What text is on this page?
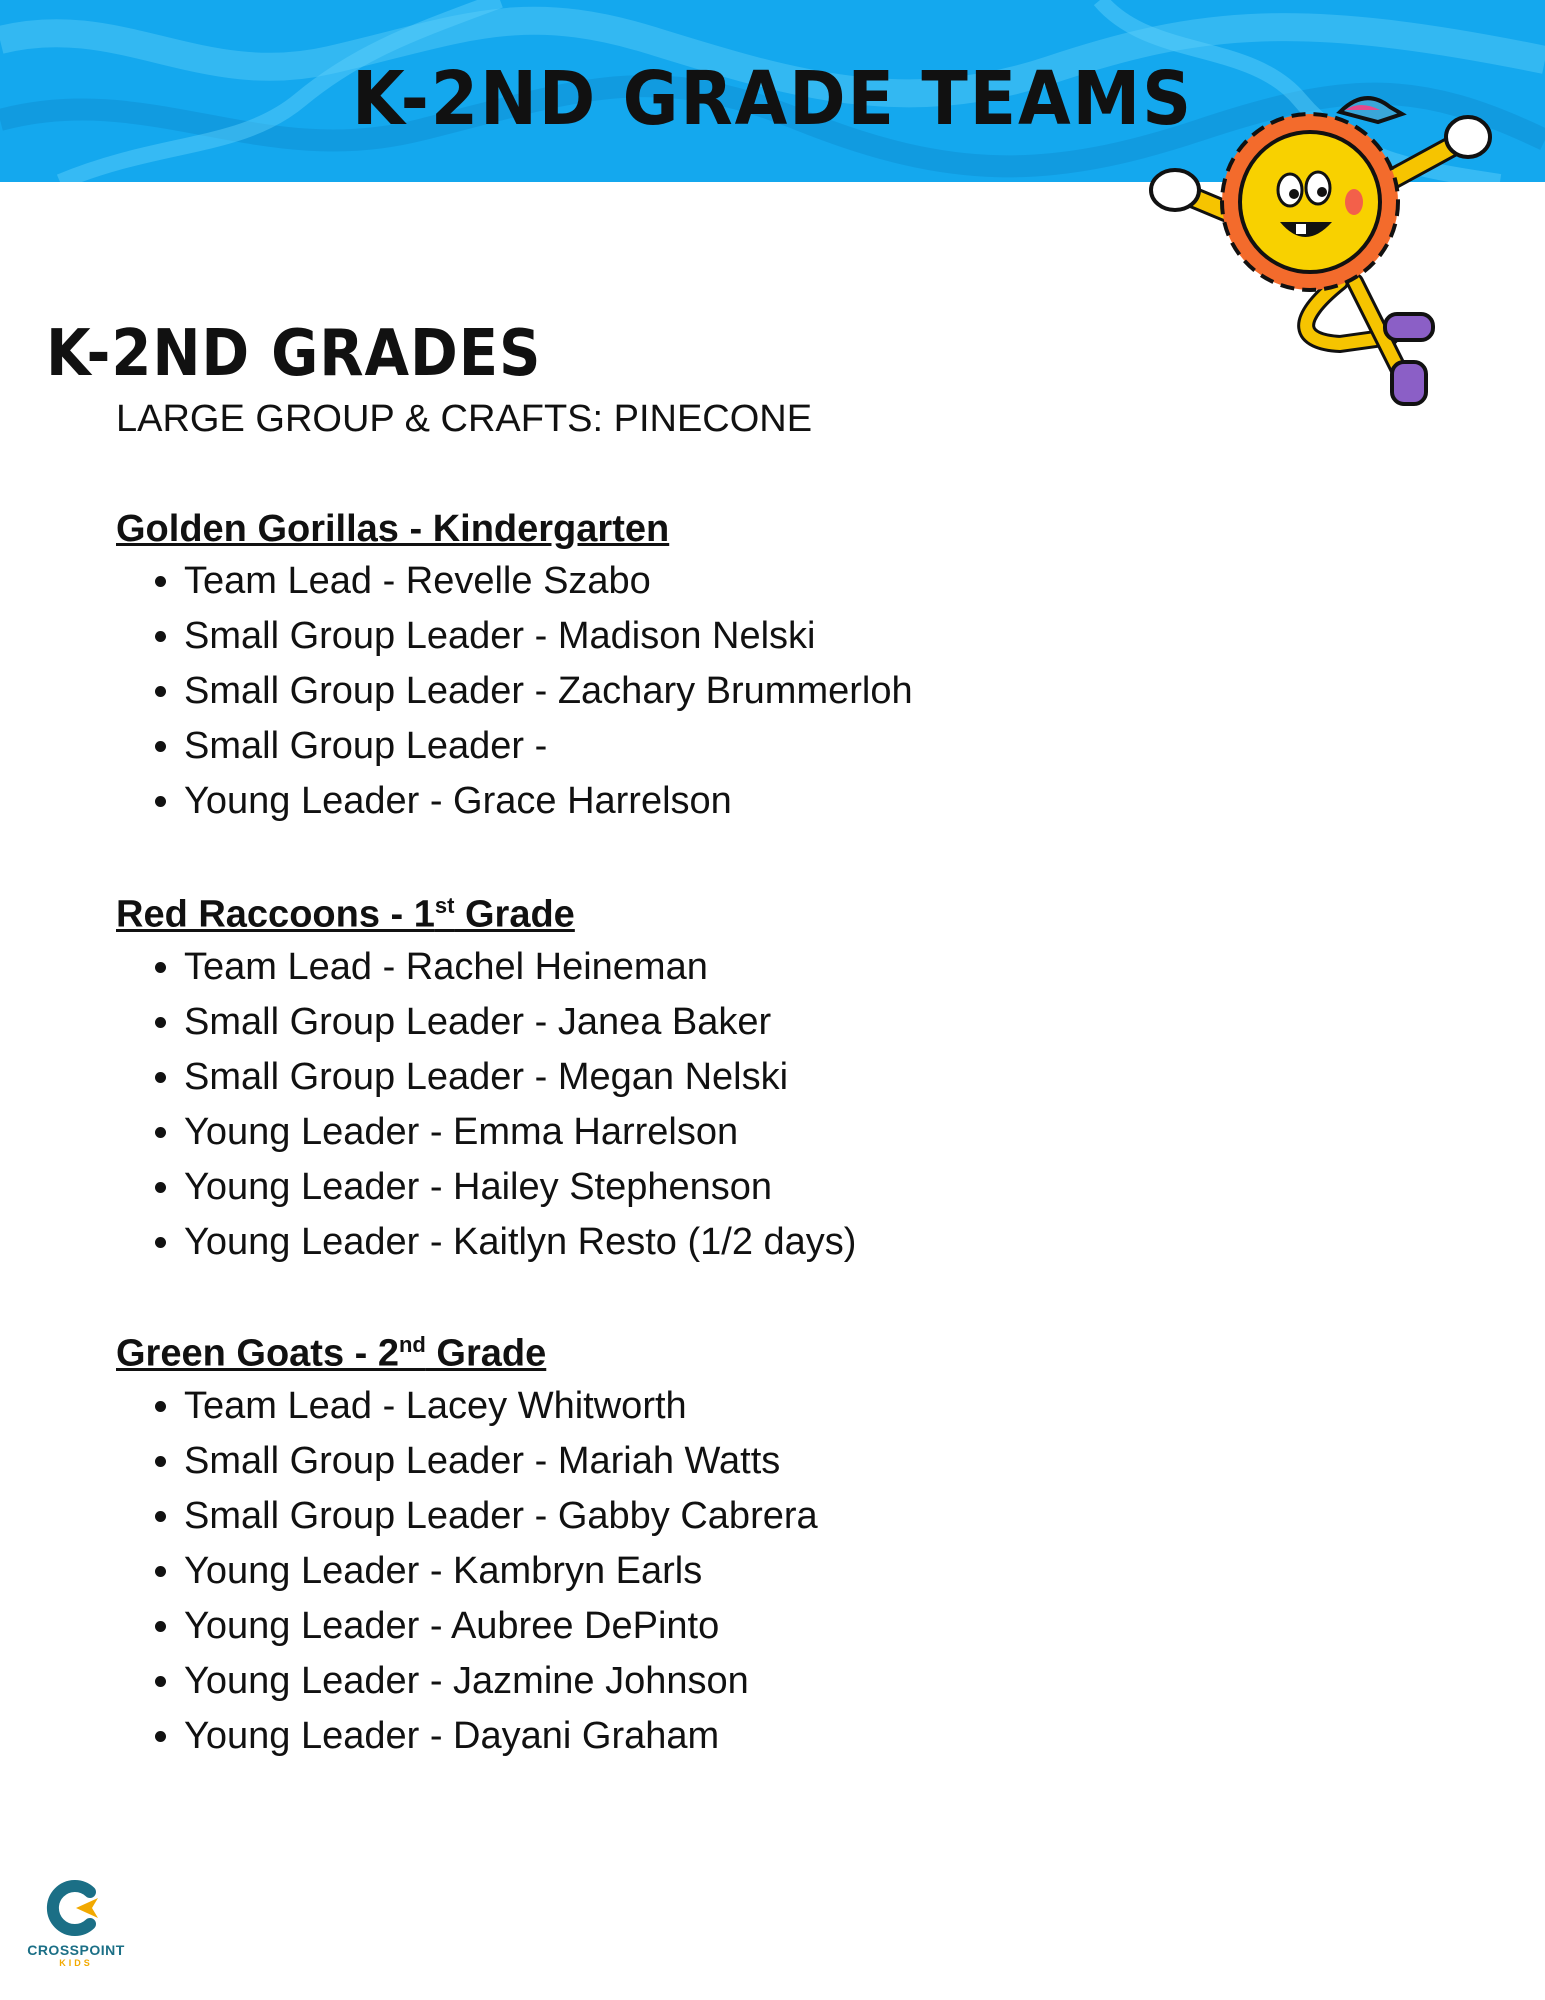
K-2ND GRADE TEAMS
K-2ND GRADES
LARGE GROUP & CRAFTS: PINECONE
Golden Gorillas - Kindergarten
• Team Lead - Revelle Szabo
• Small Group Leader - Madison Nelski
• Small Group Leader - Zachary Brummerloh
• Small Group Leader -
• Young Leader - Grace Harrelson
Red Raccoons - 1st Grade
• Team Lead - Rachel Heineman
• Small Group Leader - Janea Baker
• Small Group Leader - Megan Nelski
• Young Leader - Emma Harrelson
• Young Leader - Hailey Stephenson
• Young Leader - Kaitlyn Resto (1/2 days)
Green Goats - 2nd Grade
• Team Lead - Lacey Whitworth
• Small Group Leader - Mariah Watts
• Small Group Leader - Gabby Cabrera
• Young Leader - Kambryn Earls
• Young Leader - Aubree DePinto
• Young Leader - Jazmine Johnson
• Young Leader - Dayani Graham
CROSSPOINT
KIDS
